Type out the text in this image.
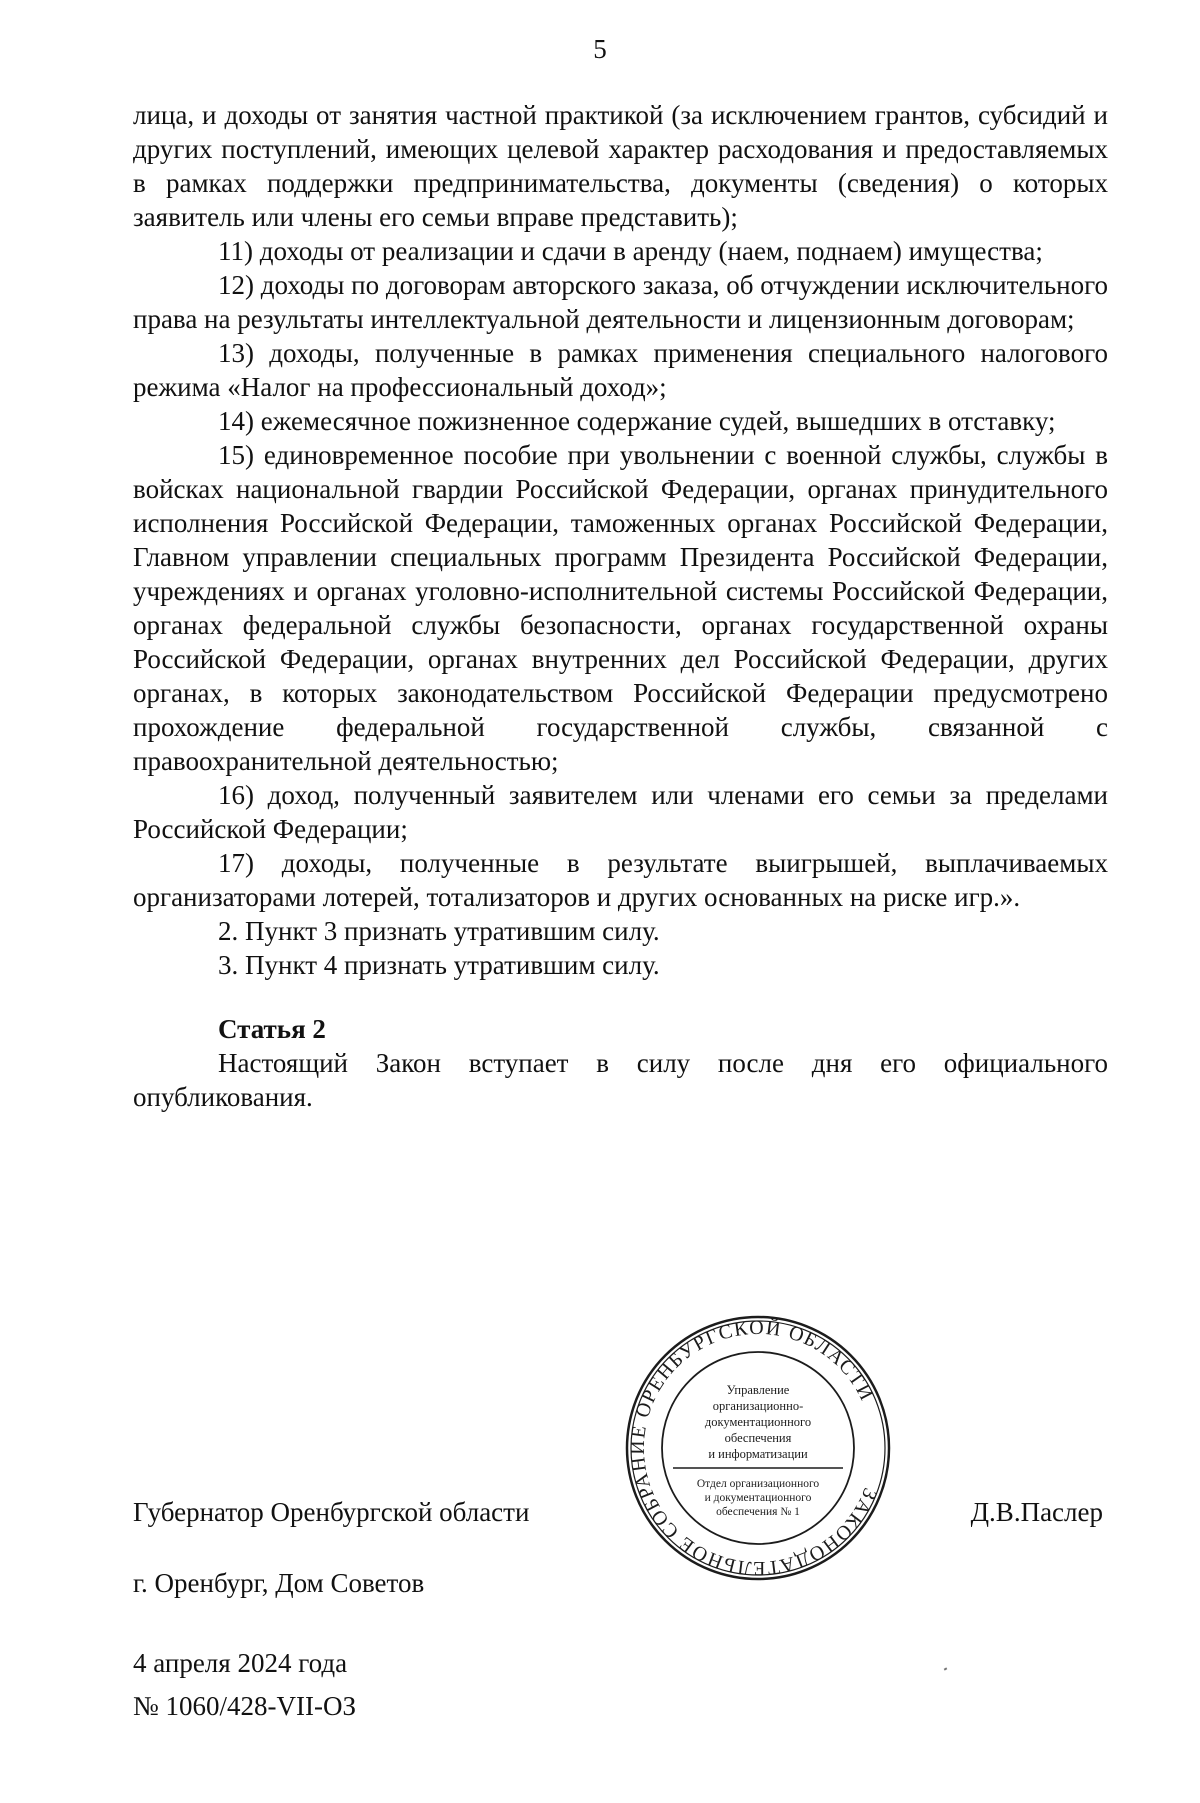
5

лица, и доходы от занятия частной практикой (за исключением грантов, субсидий и других поступлений, имеющих целевой характер расходования и предоставляемых в рамках поддержки предпринимательства, документы (сведения) о которых заявитель или члены его семьи вправе представить);

11) доходы от реализации и сдачи в аренду (наем, поднаем) имущества;

12) доходы по договорам авторского заказа, об отчуждении исключительного права на результаты интеллектуальной деятельности и лицензионным договорам;

13) доходы, полученные в рамках применения специального налогового режима «Налог на профессиональный доход»;

14) ежемесячное пожизненное содержание судей, вышедших в отставку;

15) единовременное пособие при увольнении с военной службы, службы в войсках национальной гвардии Российской Федерации, органах принудительного исполнения Российской Федерации, таможенных органах Российской Федерации, Главном управлении специальных программ Президента Российской Федерации, учреждениях и органах уголовно-исполнительной системы Российской Федерации, органах федеральной службы безопасности, органах государственной охраны Российской Федерации, органах внутренних дел Российской Федерации, других органах, в которых законодательством Российской Федерации предусмотрено прохождение федеральной государственной службы, связанной с правоохранительной деятельностью;

16) доход, полученный заявителем или членами его семьи за пределами Российской Федерации;

17) доходы, полученные в результате выигрышей, выплачиваемых организаторами лотерей, тотализаторов и других основанных на риске игр.».

2. Пункт 3 признать утратившим силу.

3. Пункт 4 признать утратившим силу.

Статья 2

Настоящий Закон вступает в силу после дня его официального опубликования.

Губернатор Оренбургской области	Д.В.Паслер
г. Оренбург, Дом Советов
4 апреля 2024 года
№ 1060/428-VII-ОЗ
ЗАКОНОДАТЕЛЬНОЕ СОБРАНИЕ ОРЕНБУРГСКОЙ ОБЛАСТИ
Управление
организационно-
документационного
обеспечения
и информатизации
Отдел организационного
и документационного
обеспечения № 1
